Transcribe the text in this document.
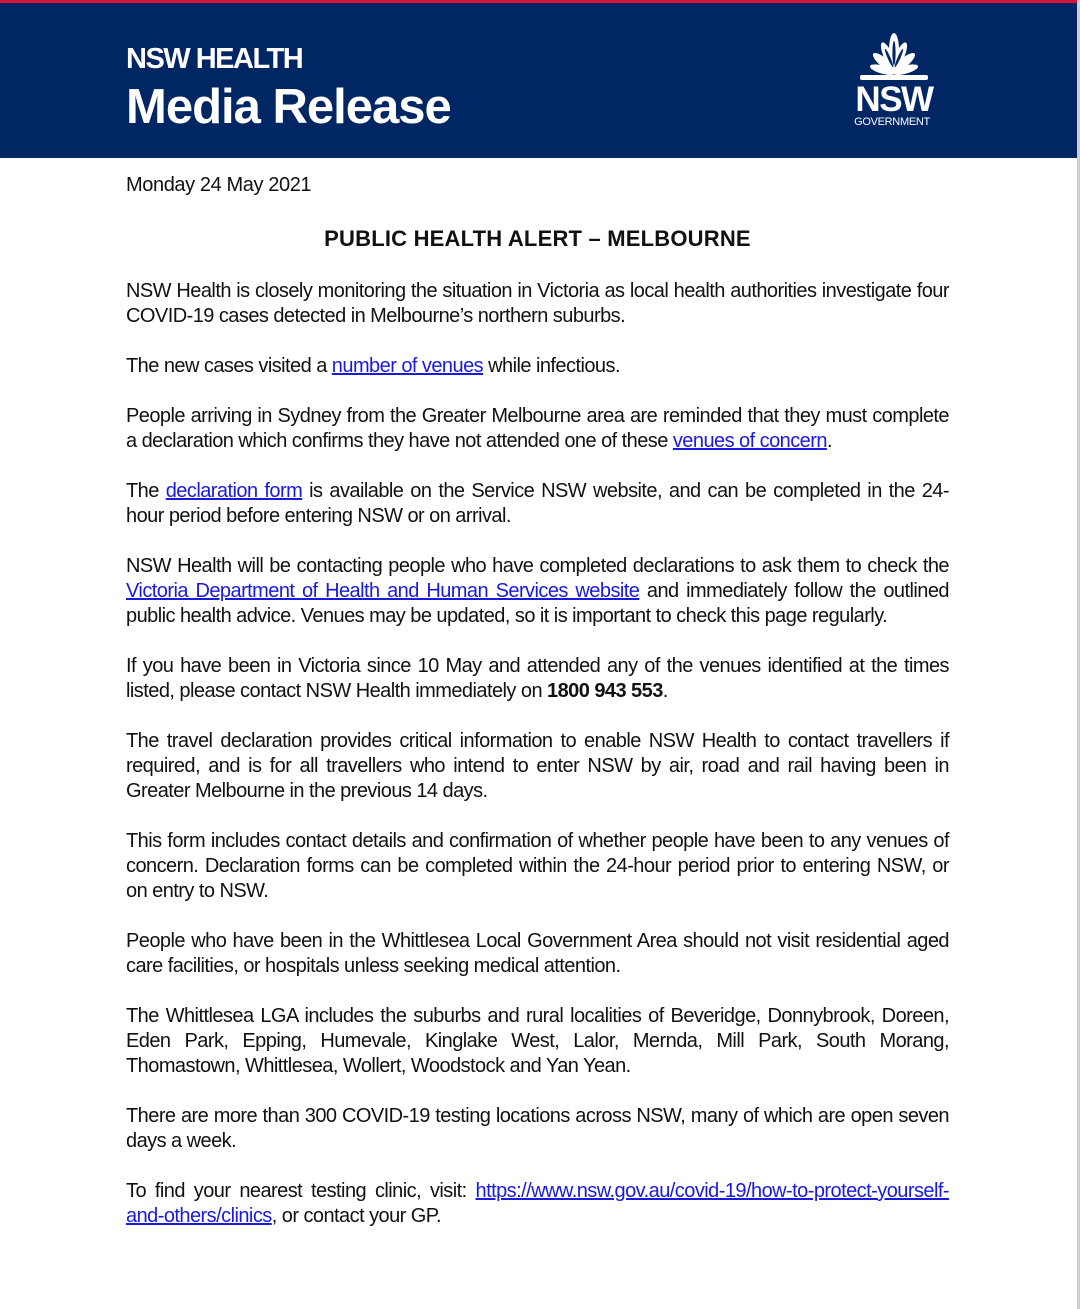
NSW HEALTH
Media Release	NSW
GOVERNMENT
Monday 24 May 2021
PUBLIC HEALTH ALERT – MELBOURNE

NSW Health is closely monitoring the situation in Victoria as local health authorities investigate four COVID-19 cases detected in Melbourne’s northern suburbs.

The new cases visited a number of venues while infectious.

People arriving in Sydney from the Greater Melbourne area are reminded that they must complete a declaration which confirms they have not attended one of these venues of concern.

The declaration form is available on the Service NSW website, and can be completed in the 24-hour period before entering NSW or on arrival.

NSW Health will be contacting people who have completed declarations to ask them to check the Victoria Department of Health and Human Services website and immediately follow the outlined public health advice. Venues may be updated, so it is important to check this page regularly.

If you have been in Victoria since 10 May and attended any of the venues identified at the times listed, please contact NSW Health immediately on 1800 943 553.

The travel declaration provides critical information to enable NSW Health to contact travellers if required, and is for all travellers who intend to enter NSW by air, road and rail having been in Greater Melbourne in the previous 14 days.

This form includes contact details and confirmation of whether people have been to any venues of concern. Declaration forms can be completed within the 24-hour period prior to entering NSW, or on entry to NSW.

People who have been in the Whittlesea Local Government Area should not visit residential aged care facilities, or hospitals unless seeking medical attention.

The Whittlesea LGA includes the suburbs and rural localities of Beveridge, Donnybrook, Doreen, Eden Park, Epping, Humevale, Kinglake West, Lalor, Mernda, Mill Park, South Morang, Thomastown, Whittlesea, Wollert, Woodstock and Yan Yean.

There are more than 300 COVID-19 testing locations across NSW, many of which are open seven days a week.

To find your nearest testing clinic, visit: https://www.nsw.gov.au/covid-19/how-to-protect-yourself-and-others/clinics, or contact your GP.
